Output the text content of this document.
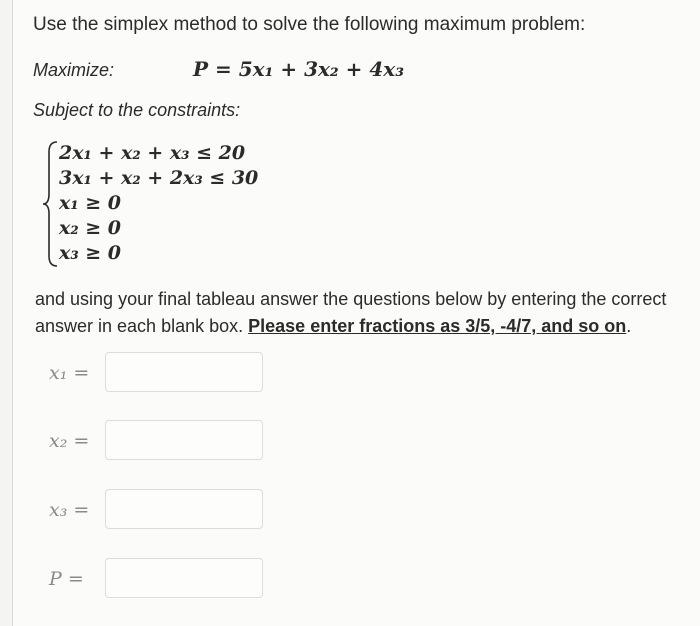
Use the simplex method to solve the following maximum problem:
Maximize:	P = 5x₁ + 3x₂ + 4x₃
Subject to the constraints:
2x₁ + x₂ + x₃ ≤ 20
3x₁ + x₂ + 2x₃ ≤ 30
x₁ ≥ 0
x₂ ≥ 0
x₃ ≥ 0
and using your final tableau answer the questions below by entering the correct answer in each blank box. Please enter fractions as 3/5, -4/7, and so on.
x₁ =
x₂ =
x₃ =
P =
